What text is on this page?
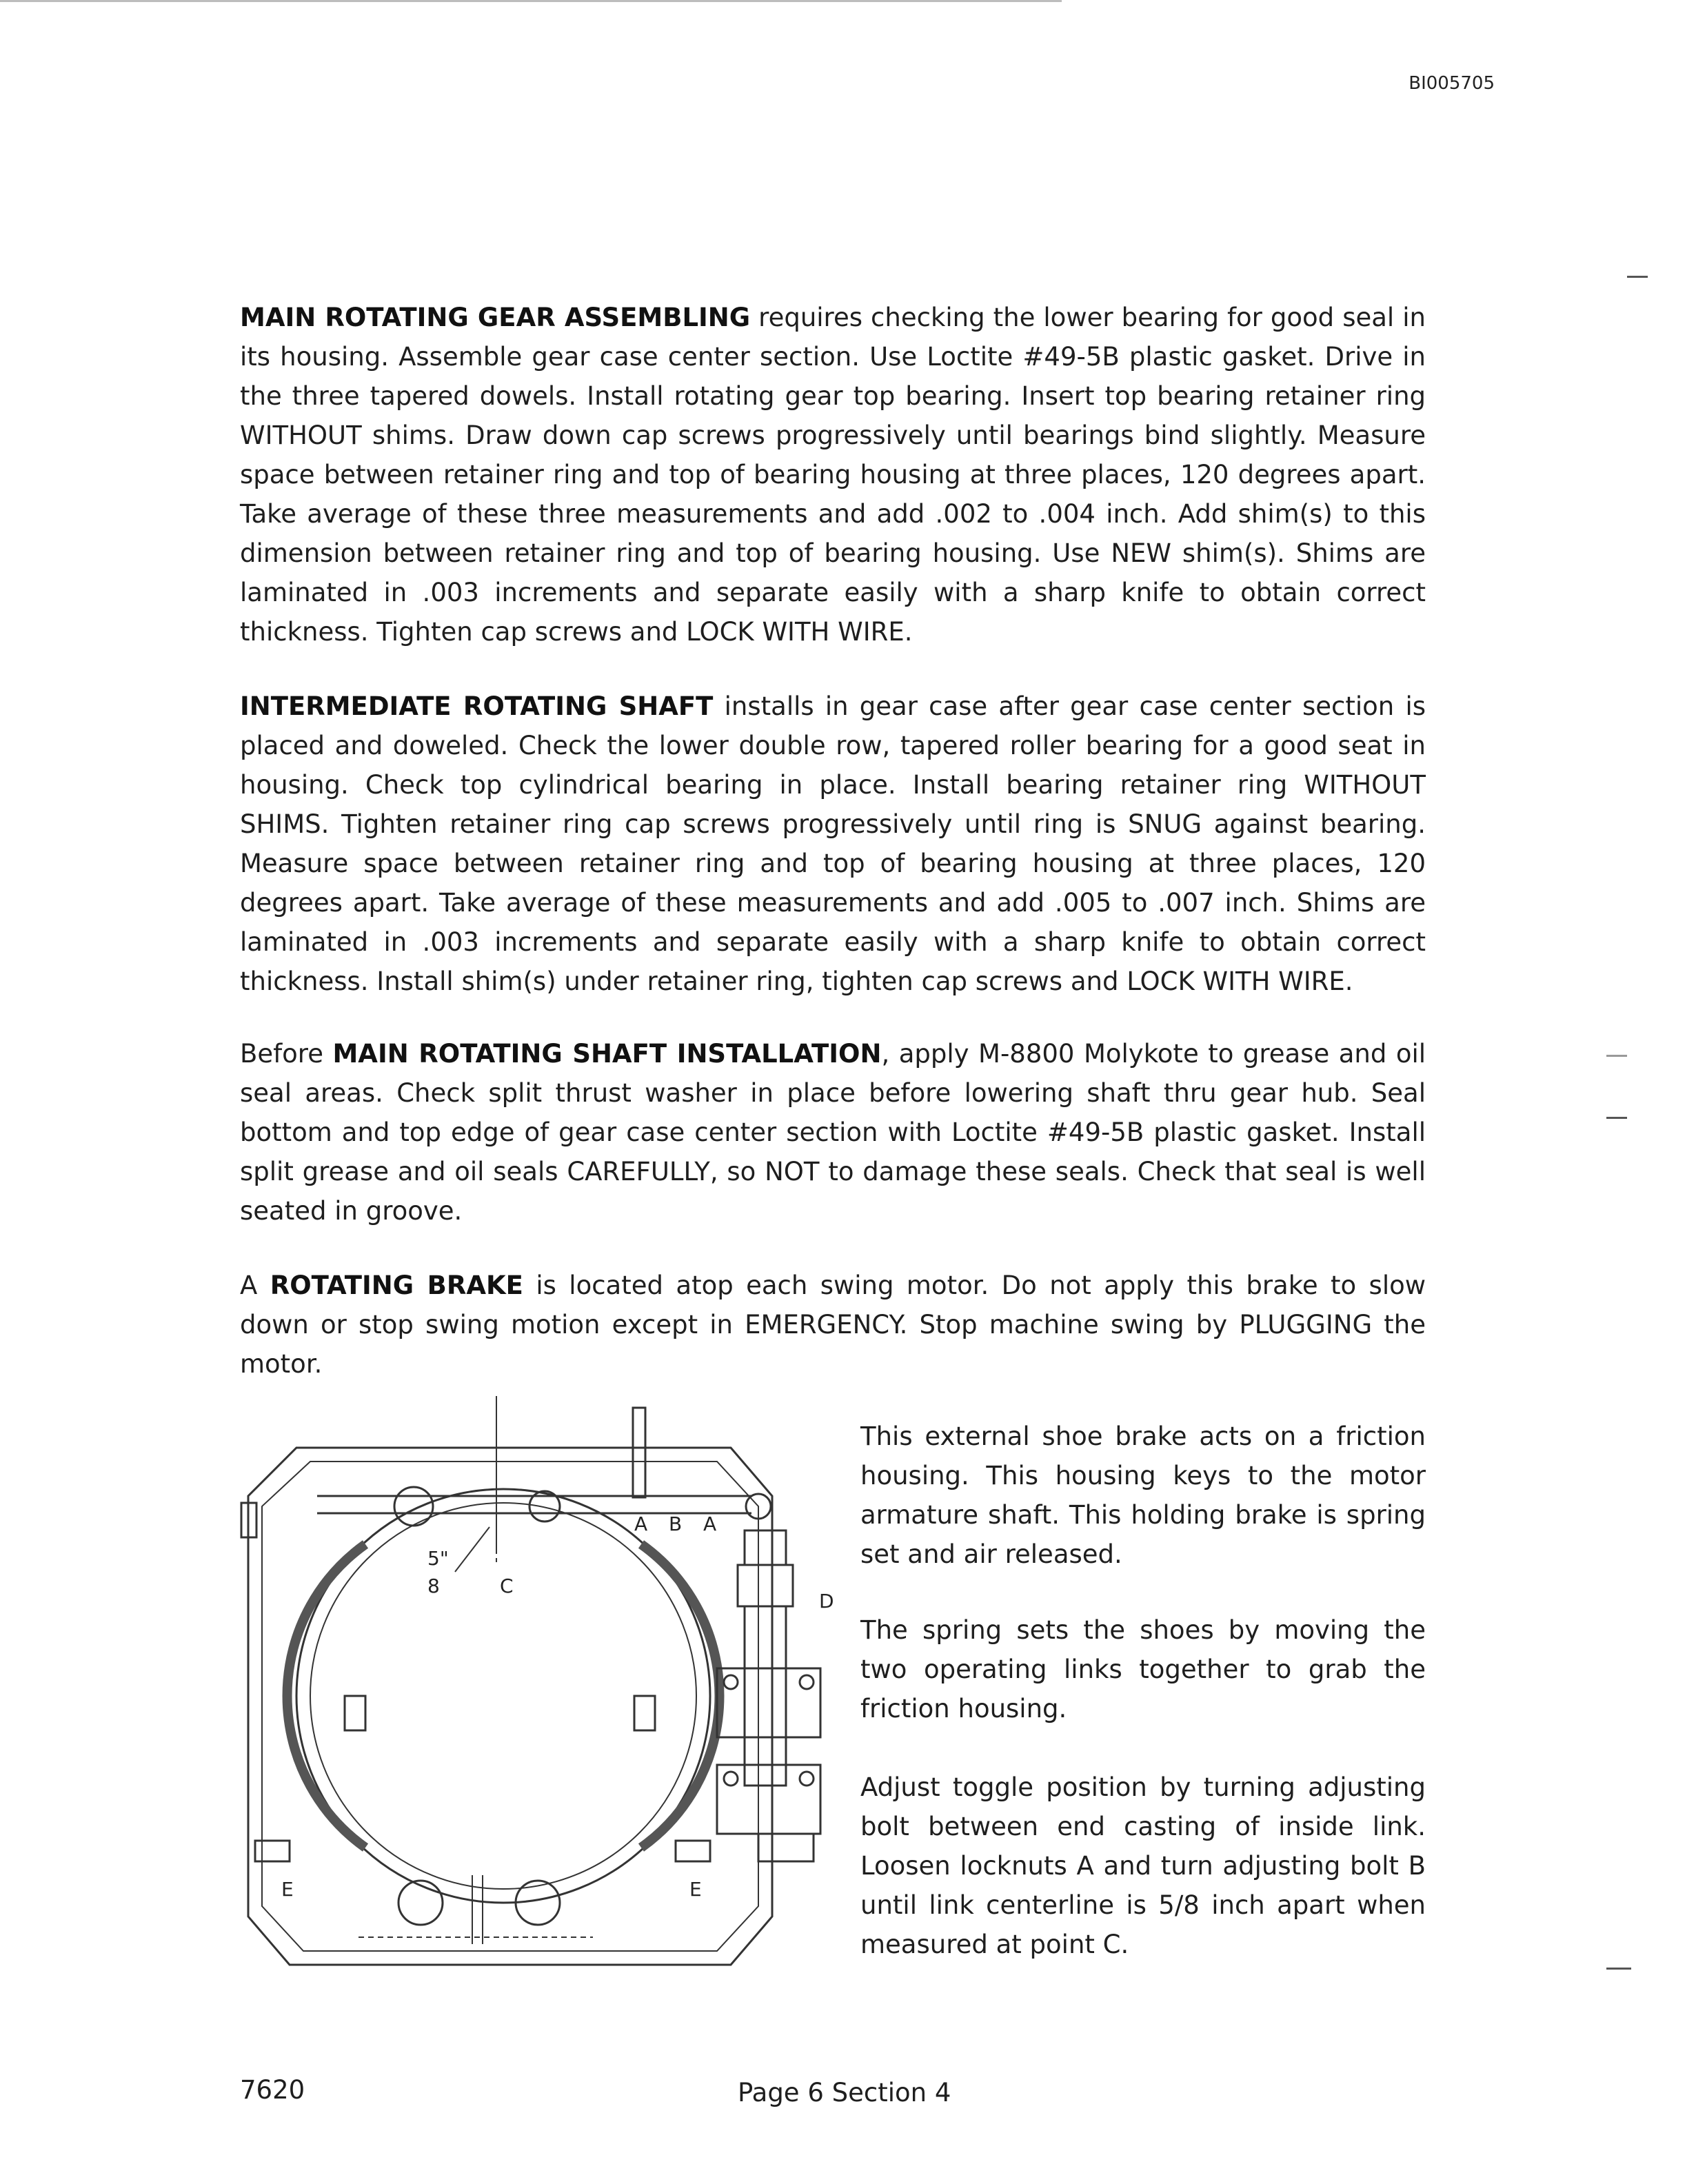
BI005705

MAIN ROTATING GEAR ASSEMBLING requires checking the lower bearing for good seal in its housing. Assemble gear case center section. Use Loctite #49-5B plastic gasket. Drive in the three tapered dowels. Install rotating gear top bearing. Insert top bearing retainer ring WITHOUT shims. Draw down cap screws progressively until bearings bind slightly. Measure space between retainer ring and top of bearing housing at three places, 120 degrees apart. Take average of these three measurements and add .002 to .004 inch. Add shim(s) to this dimension between retainer ring and top of bearing housing. Use NEW shim(s). Shims are laminated in .003 increments and separate easily with a sharp knife to obtain correct thickness. Tighten cap screws and LOCK WITH WIRE.

INTERMEDIATE ROTATING SHAFT installs in gear case after gear case center section is placed and doweled. Check the lower double row, tapered roller bearing for a good seat in housing. Check top cylindrical bearing in place. Install bearing retainer ring WITHOUT SHIMS. Tighten retainer ring cap screws progressively until ring is SNUG against bearing. Measure space between retainer ring and top of bearing housing at three places, 120 degrees apart. Take average of these measurements and add .005 to .007 inch. Shims are laminated in .003 increments and separate easily with a sharp knife to obtain correct thickness. Install shim(s) under retainer ring, tighten cap screws and LOCK WITH WIRE.

Before MAIN ROTATING SHAFT INSTALLATION, apply M-8800 Molykote to grease and oil seal areas. Check split thrust washer in place before lowering shaft thru gear hub. Seal bottom and top edge of gear case center section with Loctite #49-5B plastic gasket. Install split grease and oil seals CAREFULLY, so NOT to damage these seals. Check that seal is well seated in groove.

A ROTATING BRAKE is located atop each swing motor. Do not apply this brake to slow down or stop swing motion except in EMERGENCY. Stop machine swing by PLUGGING the motor.

A B A
C
5"
8
D
E	E

This external shoe brake acts on a friction housing. This housing keys to the motor armature shaft. This holding brake is spring set and air released.

The spring sets the shoes by moving the two operating links together to grab the friction housing.

Adjust toggle position by turning adjusting bolt between end casting of inside link. Loosen locknuts A and turn adjusting bolt B until link centerline is 5/8 inch apart when measured at point C.

7620	Page 6 Section 4
